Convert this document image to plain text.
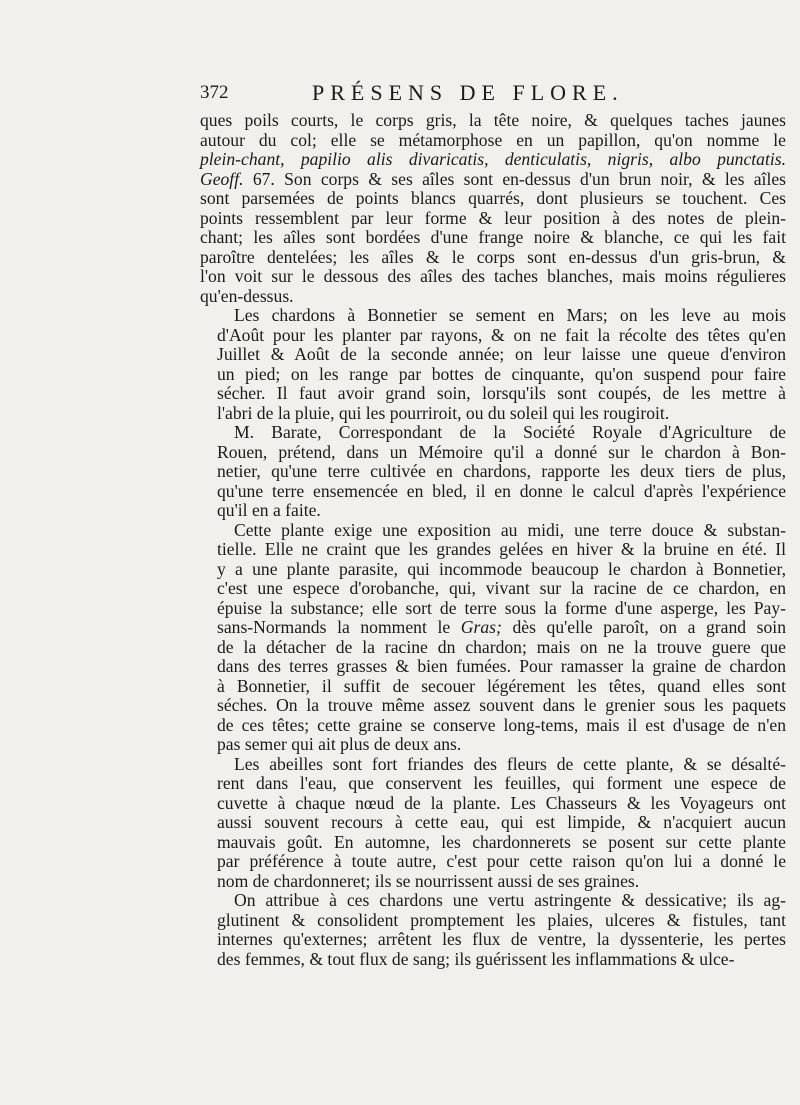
372	PRÉSENS DE FLORE.
ques poils courts, le corps gris, la tête noire, & quelques taches jaunes
autour du col; elle se métamorphose en un papillon, qu'on nomme le
plein-chant, papilio alis divaricatis, denticulatis, nigris, albo punctatis.
Geoff. 67. Son corps & ses aîles sont en-dessus d'un brun noir, & les aîles
sont parsemées de points blancs quarrés, dont plusieurs se touchent. Ces
points ressemblent par leur forme & leur position à des notes de plein-
chant; les aîles sont bordées d'une frange noire & blanche, ce qui les fait
paroître dentelées; les aîles & le corps sont en-dessus d'un gris-brun, &
l'on voit sur le dessous des aîles des taches blanches, mais moins régulieres
qu'en-dessus.
Les chardons à Bonnetier se sement en Mars; on les leve au mois
d'Août pour les planter par rayons, & on ne fait la récolte des têtes qu'en
Juillet & Août de la seconde année; on leur laisse une queue d'environ
un pied; on les range par bottes de cinquante, qu'on suspend pour faire
sécher. Il faut avoir grand soin, lorsqu'ils sont coupés, de les mettre à
l'abri de la pluie, qui les pourriroit, ou du soleil qui les rougiroit.
M. Barate, Correspondant de la Société Royale d'Agriculture de
Rouen, prétend, dans un Mémoire qu'il a donné sur le chardon à Bon-
netier, qu'une terre cultivée en chardons, rapporte les deux tiers de plus,
qu'une terre ensemencée en bled, il en donne le calcul d'après l'expérience
qu'il en a faite.
Cette plante exige une exposition au midi, une terre douce & substan-
tielle. Elle ne craint que les grandes gelées en hiver & la bruine en été. Il
y a une plante parasite, qui incommode beaucoup le chardon à Bonnetier,
c'est une espece d'orobanche, qui, vivant sur la racine de ce chardon, en
épuise la substance; elle sort de terre sous la forme d'une asperge, les Pay-
sans-Normands la nomment le Gras; dès qu'elle paroît, on a grand soin
de la détacher de la racine dn chardon; mais on ne la trouve guere que
dans des terres grasses & bien fumées. Pour ramasser la graine de chardon
à Bonnetier, il suffit de secouer légérement les têtes, quand elles sont
séches. On la trouve même assez souvent dans le grenier sous les paquets
de ces têtes; cette graine se conserve long-tems, mais il est d'usage de n'en
pas semer qui ait plus de deux ans.
Les abeilles sont fort friandes des fleurs de cette plante, & se désalté-
rent dans l'eau, que conservent les feuilles, qui forment une espece de
cuvette à chaque nœud de la plante. Les Chasseurs & les Voyageurs ont
aussi souvent recours à cette eau, qui est limpide, & n'acquiert aucun
mauvais goût. En automne, les chardonnerets se posent sur cette plante
par préférence à toute autre, c'est pour cette raison qu'on lui a donné le
nom de chardonneret; ils se nourrissent aussi de ses graines.
On attribue à ces chardons une vertu astringente & dessicative; ils ag-
glutinent & consolident promptement les plaies, ulceres & fistules, tant
internes qu'externes; arrêtent les flux de ventre, la dyssenterie, les pertes
des femmes, & tout flux de sang; ils guérissent les inflammations & ulce-
